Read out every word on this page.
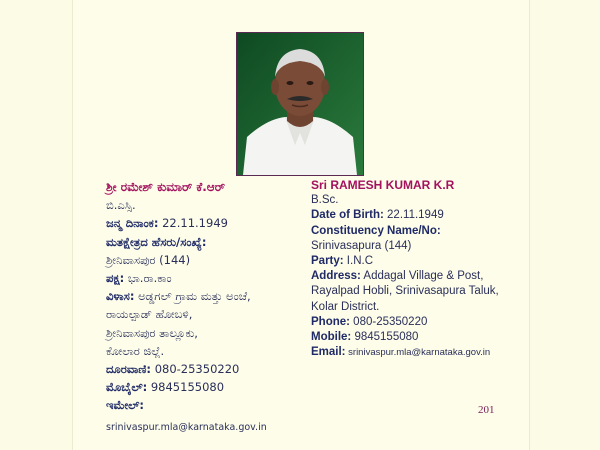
ಶ್ರೀ ರಮೇಶ್ ಕುಮಾರ್ ಕೆ.ಆರ್
ಬಿ.ಎಸ್ಸಿ.
ಜನ್ಮ ದಿನಾಂಕ: 22.11.1949
ಮತಕ್ಷೇತ್ರದ ಹೆಸರು/ಸಂಖ್ಯೆ:
ಶ್ರೀನಿವಾಸಪುರ (144)
ಪಕ್ಷ: ಭಾ.ರಾ.ಕಾಂ
ವಿಳಾಸ: ಅಡ್ಡಗಲ್ ಗ್ರಾಮ ಮತ್ತು ಅಂಚೆ,
ರಾಯಲ್ಪಾಡ್ ಹೋಬಳಿ,
ಶ್ರೀನಿವಾಸಪುರ ತಾಲ್ಲೂಕು,
ಕೋಲಾರ ಜಿಲ್ಲೆ.
ದೂರವಾಣಿ: 080-25350220
ಮೊಬೈಲ್: 9845155080
ಇಮೇಲ್: srinivaspur.mla@karnataka.gov.in
Sri RAMESH KUMAR K.R
B.Sc.
Date of Birth: 22.11.1949
Constituency Name/No:
Srinivasapura (144)
Party: I.N.C
Address: Addagal Village & Post,
Rayalpad Hobli, Srinivasapura Taluk,
Kolar District.
Phone: 080-25350220
Mobile: 9845155080
Email: srinivaspur.mla@karnataka.gov.in
201
